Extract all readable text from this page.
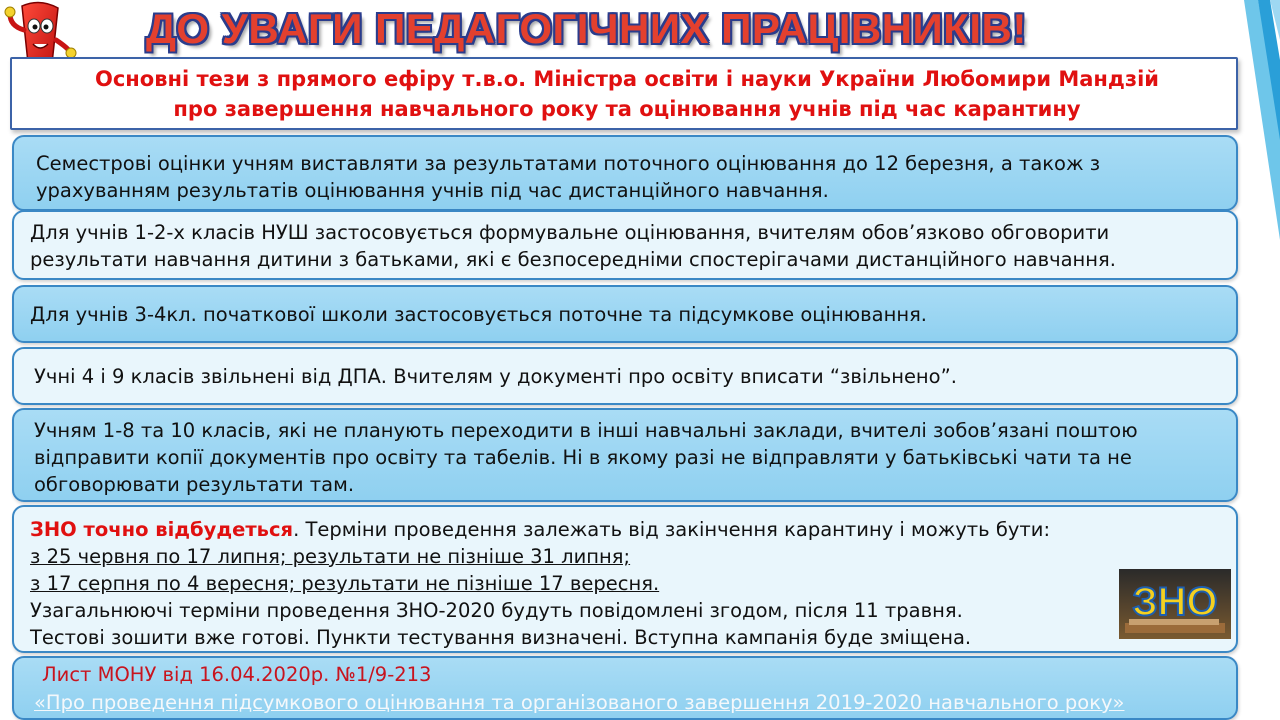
ДО УВАГИ ПЕДАГОГІЧНИХ ПРАЦІВНИКІВ!
Основні тези з прямого ефіру т.в.о. Міністра освіти і науки України Любомири Мандзій
про завершення навчального року та оцінювання учнів під час карантину

Семестрові оцінки учням виставляти за результатами поточного оцінювання до 12 березня, а також з

урахуванням результатів оцінювання учнів під час дистанційного навчання.

Для учнів 1-2-х класів НУШ застосовується формувальне оцінювання, вчителям обов’язково обговорити

результати навчання дитини з батьками, які є безпосередніми спостерігачами дистанційного навчання.

Для учнів 3-4кл. початкової школи застосовується поточне та підсумкове оцінювання.

Учні 4 і 9 класів звільнені від ДПА. Вчителям у документі про освіту вписати “звільнено”.

Учням 1-8 та 10 класів, які не планують переходити в інші навчальні заклади, вчителі зобов’язані поштою

відправити копії документів про освіту та табелів. Ні в якому разі не відправляти у батьківські чати та не

обговорювати результати там.

ЗНО точно відбудеться. Терміни проведення залежать від закінчення карантину і можуть бути:

з 25 червня по 17 липня; результати не пізніше 31 липня;

з 17 серпня по 4 вересня; результати не пізніше 17 вересня.

Узагальнюючі терміни проведення ЗНО-2020 будуть повідомлені згодом, після 11 травня.

Тестові зошити вже готові. Пункти тестування визначені. Вступна кампанія буде зміщена.

ЗНО

Лист МОНУ від 16.04.2020р. №1/9-213

«Про проведення підсумкового оцінювання та організованого завершення 2019-2020 навчального року»
